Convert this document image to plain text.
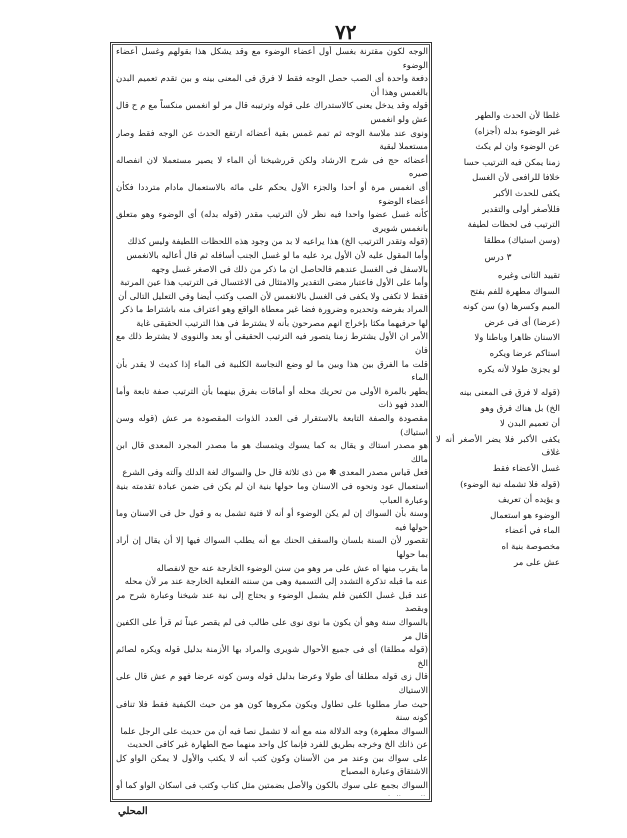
٧٢

الوجه لكون مقترنة بغسل أول أعضاء الوضوء مع وقد يشكل هذا بقولهم وغسل أعضاء الوضوء

دفعة واحدة أى الصب حصل الوجه فقط لا فرق فى المعنى بينه و بين تقدم تعميم البدن بالغمس وهذا أن

قوله وقد يدخل يعنى كالاستدراك على قوله وترتيبه قال مر لو انغمس منكساً مع م ح قال عش ولو انغمس

ونوى عند ملاسة الوجه ثم تمم غمس بقية أعضائه ارتفع الحدث عن الوجه فقط وصار مستعملا لبقية

أعضائه حج فى شرح الارشاد ولكن قررشيخنا أن الماء لا يصير مستعملا لان انفصاله صيره

أى انغمس مرة أو أحدا والجزء الأول يحكم على مائه بالاستعمال مادام مترددا فكأن أعضاء الوضوء

كأنه غسل عضوا واحدا فيه نظر لأن الترتيب مقدر (قوله بدله) أى الوضوء وهو متعلق بانغمس شويرى

(قوله وتقدر الترتيب الخ) هذا يراعيه لا بد من وجود هذه اللحظات اللطيفة وليس كذلك

وأما المقول عليه لأن الأول يرد عليه ما لو غسل الجنب أسافله ثم قال أعاليه بالانغمس

بالاسفل فى الغسل عندهم فالحاصل ان ما ذكر من ذلك فى الاصغر غسل وجهه

وأما على الأول فاعتبار مضى التقدير والامتثال فى الاغتسال فى الترتيب هذا عين المرتبة

فقط لا تكفى ولا يكفى فى الغسل بالانغمس لأن الصب وكتب أيضا وفي التعليل التالى أن

المراد بفرضه وتحديره وضرورة فضا غير معطاة الواقع وهو اعتراف منه باشتراط ما ذكر

لها حرفيهما مكثا بإخراج انهم مصرحون بأنه لا يشترط فى هذا الترتيب الحقيقى غاية

الأمر ان الأول يشترط زمنا يتصور فيه الترتيب الحقيقى أو بعد والنووى لا يشترط ذلك مع فان

قلت ما الفرق بين هذا وبين ما لو وضع النجاسة الكلبية فى الماء إذا كديث لا يقدر بأن الماء

يطهر بالمرة الأولى من تحريك محله أو أماقات بفرق بينهما بأن الترتيب صفة تابعة وأما العدد فهو ذات

مقصودة والصفة التابعة بالاستقرار فى العدد الذوات المقصودة مر عش (قوله وسن استياك)

هو مصدر استاك و يقال به كما يسوك ويتمسك هو ما مصدر المجرد المعدى قال ابن مالك

فعل قياس مصدر المعدى ✽ من ذى ثلاثة قال حل والسواك لغة الدلك وآلته وفى الشرع

استعمال عود ونحوه فى الاسنان وما حولها بنية ان لم يكن فى ضمن عبادة تقدمته بنية وعبارة العباب

وسنة بأن السواك إن لم يكن الوضوء أو أنه لا فتية تشمل به و قول حل فى الاسنان وما حولها فيه

تقصور لأن السنة بلسان والسقف الحنك مع أنه يطلب السواك فيها إلا أن يقال إن أراد بما حولها

ما يقرب منها اه عش على مر وهو من سنن الوضوء الخارجة عنه حج لانفصاله

عنه ما قبله تذكرة التشدد إلى التسمية وهى من سننه الفعلية الخارجة عند مر لأن محله

عند قبل غسل الكفين فلم يشمل الوضوء و يحتاج إلى نية عند شيخنا وعبارة شرح مر وبقصد

بالسواك سنة وهو أن يكون ما نوى نوى على طالب فى لم يقصر عيناً ثم قرأ على الكفين قال مر

(قوله مطلقا) أى فى جميع الأحوال شويرى والمراد بها الأزمنة بدليل قوله ويكره لصائم الخ

قال زى قوله مطلقا أى طولا وعرضا بدليل قوله وسن كونه عرضا فهو م عش قال على الاستياك

حيث صار مطلوبا على تطاول ويكون مكروها كون هو من حيث الكيفية فقط فلا تنافى كونه سنة

السواك مطهرة) وجه الدلالة منه مع أنه لا تشمل نصا فيه أن من حديث على الرجل علما

عن ذاتك الخ وخرجه بطريق للفرد فإنما كل واحد منهما صح الطهارة غير كافى الحديث

على سواك بين وعند مر من الأسنان وكون كتب أنه لا يكتب والأول لا يمكن الواو كل الاشتقاق وعبارة المصباح

السواك بجمع على سوك بالكون والأصل بضمتين مثل كتاب وكتب فى اسكان الواو كما أو

غلطا لأن الحدث والطهر

غير الوضوء بدله (أجزاه)

عن الوضوء وان لم يكث

زمنا يمكن فيه الترتيب حسا

خلافا للرافعى لأن الغسل

يكفى للحدث الأكبر

فللأصغر أولى والتقدير

الترتيب فى لحظات لطيفة

(وسن استياك) مطلقا

٣ درس

تقييد الثانى وغيره

السواك مطهرة للفم بفتح

الميم وكسرها (و) سن كونه

(عرضا) أى فى عرض

الاسنان ظاهرا وباطنا ولا

استاكم عرضا ويكره

لو يجزئ طولا لأنه يكره

(قوله لا فرق فى المعنى بينه

الخ) بل هناك فرق وهو

أن تعميم البدن لا

يكفى الأكبر فلا يضر الأصغر أنه لا غلاف

غسل الأعضاء فقط

(قوله فلا تشمله نية الوضوء)

و يؤيده أن تعريف

الوضوء هو استعمال

الماء في أعضاء

مخصوصة بنية اه

عش على مر

المحلي
